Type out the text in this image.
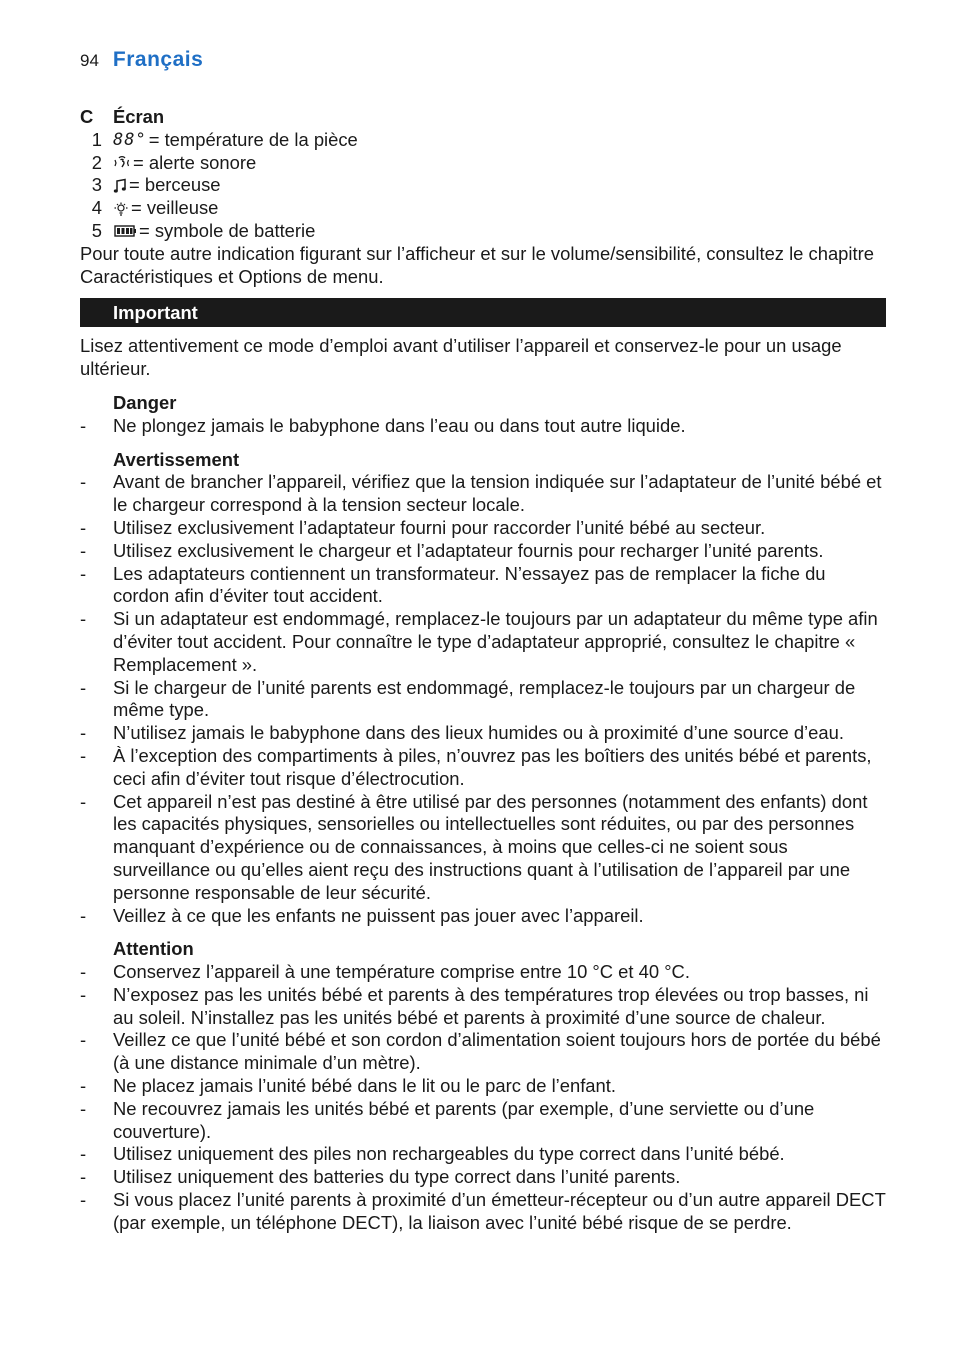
94 Français
C	Écran
1 88° = température de la pièce
2 = alerte sonore
3 = berceuse
4 = veilleuse
5 = symbole de batterie

Pour toute autre indication figurant sur l’afficheur et sur le volume/sensibilité, consultez le chapitre Caractéristiques et Options de menu.

Important

Lisez attentivement ce mode d’emploi avant d’utiliser l’appareil et conservez-le pour un usage ultérieur.

Danger
-	Ne plongez jamais le babyphone dans l’eau ou dans tout autre liquide.
Avertissement
-	Avant de brancher l’appareil, vérifiez que la tension indiquée sur l’adaptateur de l’unité bébé et le chargeur correspond à la tension secteur locale.
-	Utilisez exclusivement l’adaptateur fourni pour raccorder l’unité bébé au secteur.
-	Utilisez exclusivement le chargeur et l’adaptateur fournis pour recharger l’unité parents.
-	Les adaptateurs contiennent un transformateur. N’essayez pas de remplacer la fiche du cordon afin d’éviter tout accident.
-	Si un adaptateur est endommagé, remplacez-le toujours par un adaptateur du même type afin d’éviter tout accident. Pour connaître le type d’adaptateur approprié, consultez le chapitre « Remplacement ».
-	Si le chargeur de l’unité parents est endommagé, remplacez-le toujours par un chargeur de même type.
-	N’utilisez jamais le babyphone dans des lieux humides ou à proximité d’une source d’eau.
-	À l’exception des compartiments à piles, n’ouvrez pas les boîtiers des unités bébé et parents, ceci afin d’éviter tout risque d’électrocution.
-	Cet appareil n’est pas destiné à être utilisé par des personnes (notamment des enfants) dont les capacités physiques, sensorielles ou intellectuelles sont réduites, ou par des personnes manquant d’expérience ou de connaissances, à moins que celles-ci ne soient sous surveillance ou qu’elles aient reçu des instructions quant à l’utilisation de l’appareil par une personne responsable de leur sécurité.
-	Veillez à ce que les enfants ne puissent pas jouer avec l’appareil.
Attention
-	Conservez l’appareil à une température comprise entre 10 °C et 40 °C.
-	N’exposez pas les unités bébé et parents à des températures trop élevées ou trop basses, ni au soleil. N’installez pas les unités bébé et parents à proximité d’une source de chaleur.
-	Veillez ce que l’unité bébé et son cordon d’alimentation soient toujours hors de portée du bébé (à une distance minimale d’un mètre).
-	Ne placez jamais l’unité bébé dans le lit ou le parc de l’enfant.
-	Ne recouvrez jamais les unités bébé et parents (par exemple, d’une serviette ou d’une couverture).
-	Utilisez uniquement des piles non rechargeables du type correct dans l’unité bébé.
-	Utilisez uniquement des batteries du type correct dans l’unité parents.
-	Si vous placez l’unité parents à proximité d’un émetteur-récepteur ou d’un autre appareil DECT (par exemple, un téléphone DECT), la liaison avec l’unité bébé risque de se perdre.
